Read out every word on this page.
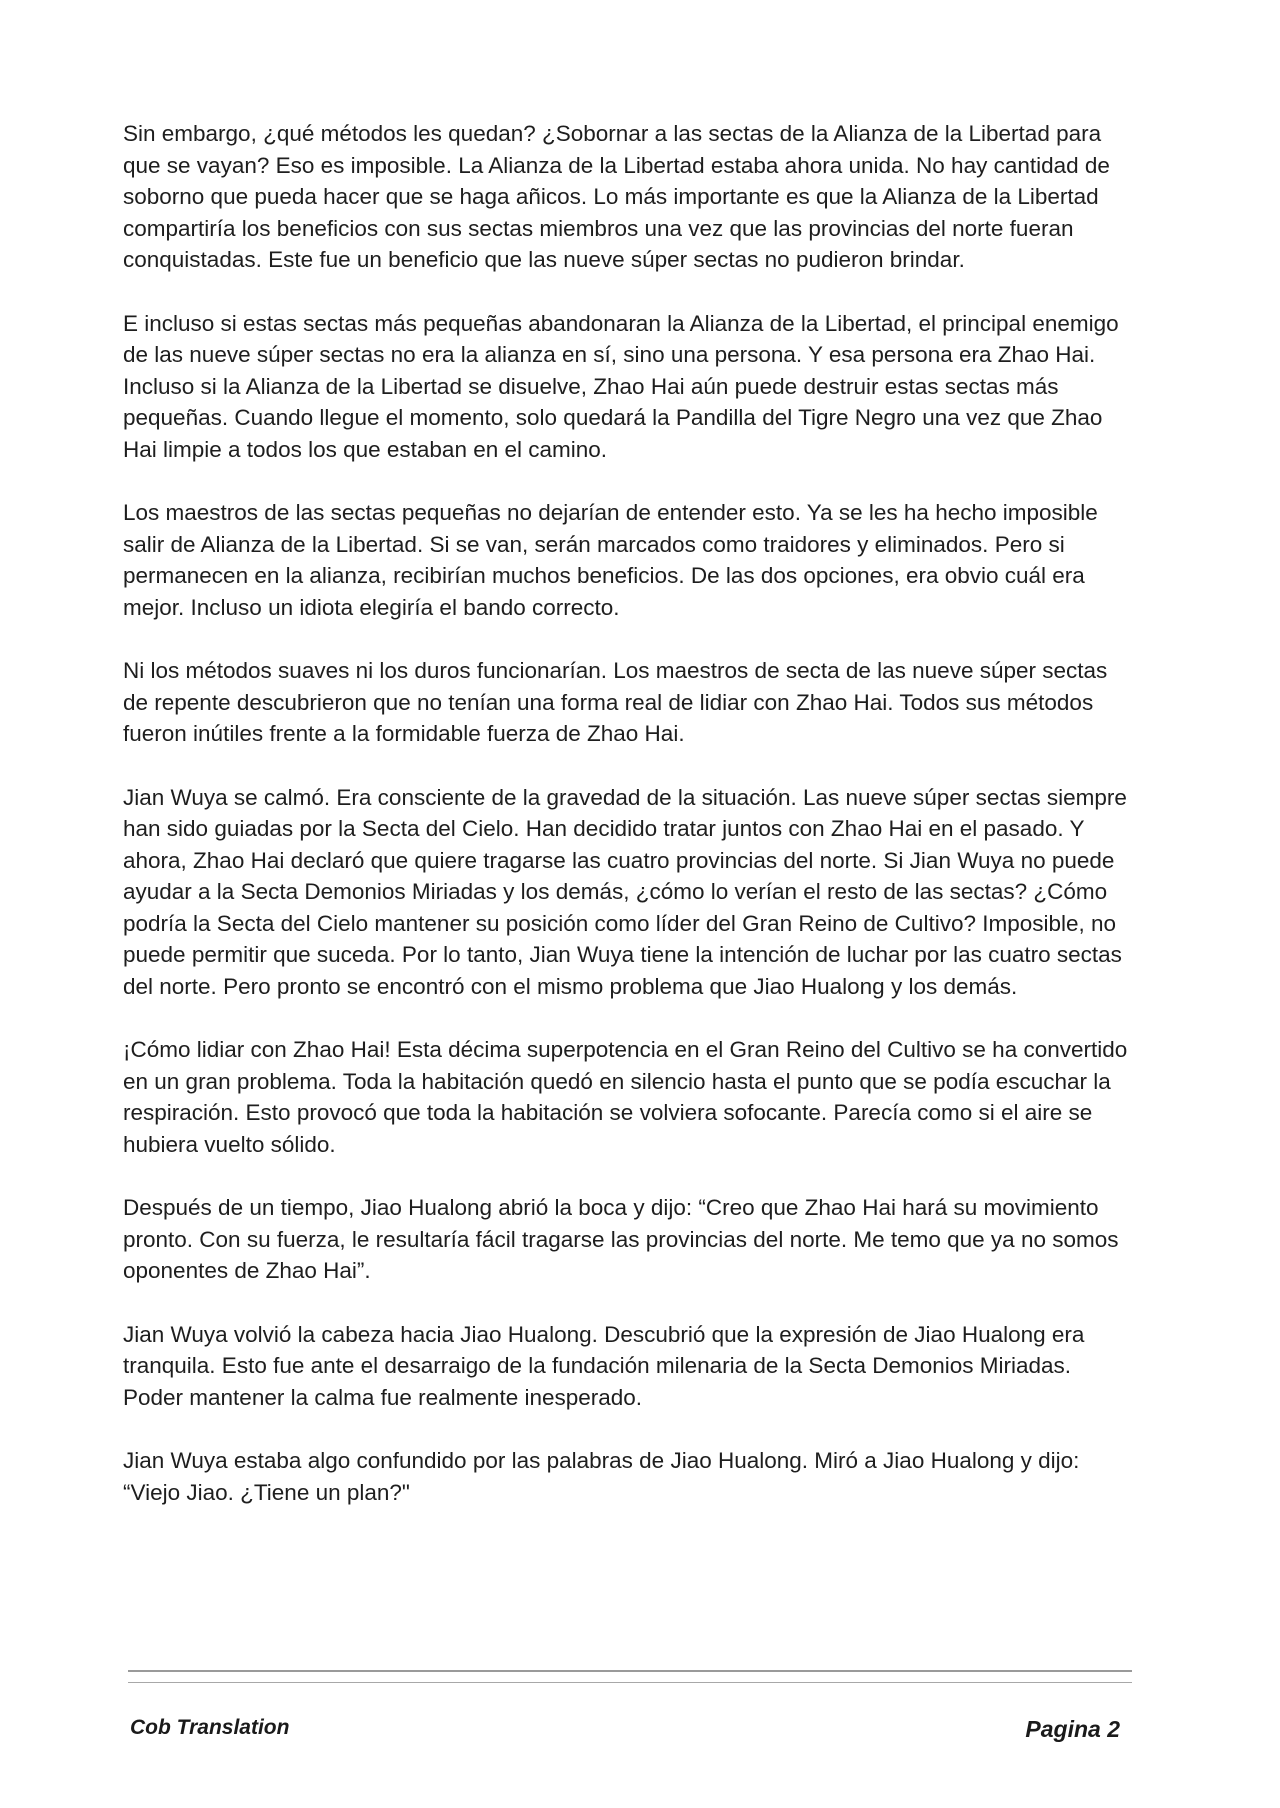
Sin embargo, ¿qué métodos les quedan? ¿Sobornar a las sectas de la Alianza de la Libertad para que se vayan? Eso es imposible. La Alianza de la Libertad estaba ahora unida. No hay cantidad de soborno que pueda hacer que se haga añicos. Lo más importante es que la Alianza de la Libertad compartiría los beneficios con sus sectas miembros una vez que las provincias del norte fueran conquistadas. Este fue un beneficio que las nueve súper sectas no pudieron brindar.

E incluso si estas sectas más pequeñas abandonaran la Alianza de la Libertad, el principal enemigo de las nueve súper sectas no era la alianza en sí, sino una persona. Y esa persona era Zhao Hai. Incluso si la Alianza de la Libertad se disuelve, Zhao Hai aún puede destruir estas sectas más pequeñas. Cuando llegue el momento, solo quedará la Pandilla del Tigre Negro una vez que Zhao Hai limpie a todos los que estaban en el camino.

Los maestros de las sectas pequeñas no dejarían de entender esto. Ya se les ha hecho imposible salir de Alianza de la Libertad. Si se van, serán marcados como traidores y eliminados. Pero si permanecen en la alianza, recibirían muchos beneficios. De las dos opciones, era obvio cuál era mejor. Incluso un idiota elegiría el bando correcto.

Ni los métodos suaves ni los duros funcionarían. Los maestros de secta de las nueve súper sectas de repente descubrieron que no tenían una forma real de lidiar con Zhao Hai. Todos sus métodos fueron inútiles frente a la formidable fuerza de Zhao Hai.

Jian Wuya se calmó. Era consciente de la gravedad de la situación. Las nueve súper sectas siempre han sido guiadas por la Secta del Cielo. Han decidido tratar juntos con Zhao Hai en el pasado. Y ahora, Zhao Hai declaró que quiere tragarse las cuatro provincias del norte. Si Jian Wuya no puede ayudar a la Secta Demonios Miriadas y los demás, ¿cómo lo verían el resto de las sectas? ¿Cómo podría la Secta del Cielo mantener su posición como líder del Gran Reino de Cultivo? Imposible, no puede permitir que suceda. Por lo tanto, Jian Wuya tiene la intención de luchar por las cuatro sectas del norte. Pero pronto se encontró con el mismo problema que Jiao Hualong y los demás.

¡Cómo lidiar con Zhao Hai! Esta décima superpotencia en el Gran Reino del Cultivo se ha convertido en un gran problema. Toda la habitación quedó en silencio hasta el punto que se podía escuchar la respiración. Esto provocó que toda la habitación se volviera sofocante. Parecía como si el aire se hubiera vuelto sólido.

Después de un tiempo, Jiao Hualong abrió la boca y dijo: “Creo que Zhao Hai hará su movimiento pronto. Con su fuerza, le resultaría fácil tragarse las provincias del norte. Me temo que ya no somos oponentes de Zhao Hai”.

Jian Wuya volvió la cabeza hacia Jiao Hualong. Descubrió que la expresión de Jiao Hualong era tranquila. Esto fue ante el desarraigo de la fundación milenaria de la Secta Demonios Miriadas. Poder mantener la calma fue realmente inesperado.

Jian Wuya estaba algo confundido por las palabras de Jiao Hualong. Miró a Jiao Hualong y dijo: “Viejo Jiao. ¿Tiene un plan?"

Cob Translation	Pagina 2
